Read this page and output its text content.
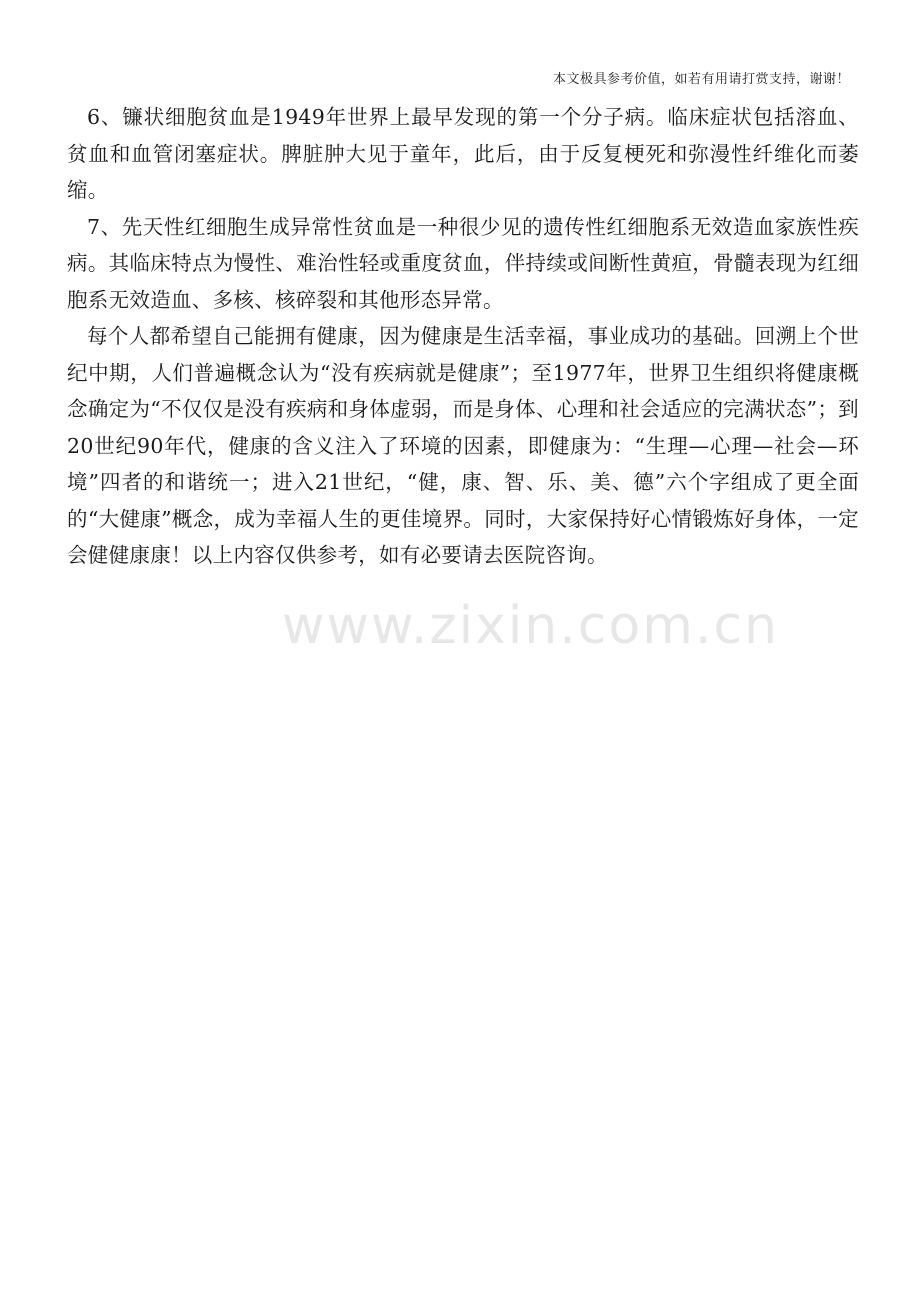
本文极具参考价值，如若有用请打赏支持，谢谢！

6、镰状细胞贫血是1949年世界上最早发现的第一个分子病。临床症状包括溶血、贫血和血管闭塞症状。脾脏肿大见于童年，此后，由于反复梗死和弥漫性纤维化而萎缩。

7、先天性红细胞生成异常性贫血是一种很少见的遗传性红细胞系无效造血家族性疾病。其临床特点为慢性、难治性轻或重度贫血，伴持续或间断性黄疸，骨髓表现为红细胞系无效造血、多核、核碎裂和其他形态异常。

每个人都希望自己能拥有健康，因为健康是生活幸福，事业成功的基础。回溯上个世纪中期，人们普遍概念认为“没有疾病就是健康”；至1977年，世界卫生组织将健康概念确定为“不仅仅是没有疾病和身体虚弱，而是身体、心理和社会适应的完满状态”；到20世纪90年代，健康的含义注入了环境的因素，即健康为：“生理—心理—社会—环境”四者的和谐统一；进入21世纪，“健，康、智、乐、美、德”六个字组成了更全面的“大健康”概念，成为幸福人生的更佳境界。同时，大家保持好心情锻炼好身体，一定会健健康康！以上内容仅供参考，如有必要请去医院咨询。

www.zixin.com.cn
